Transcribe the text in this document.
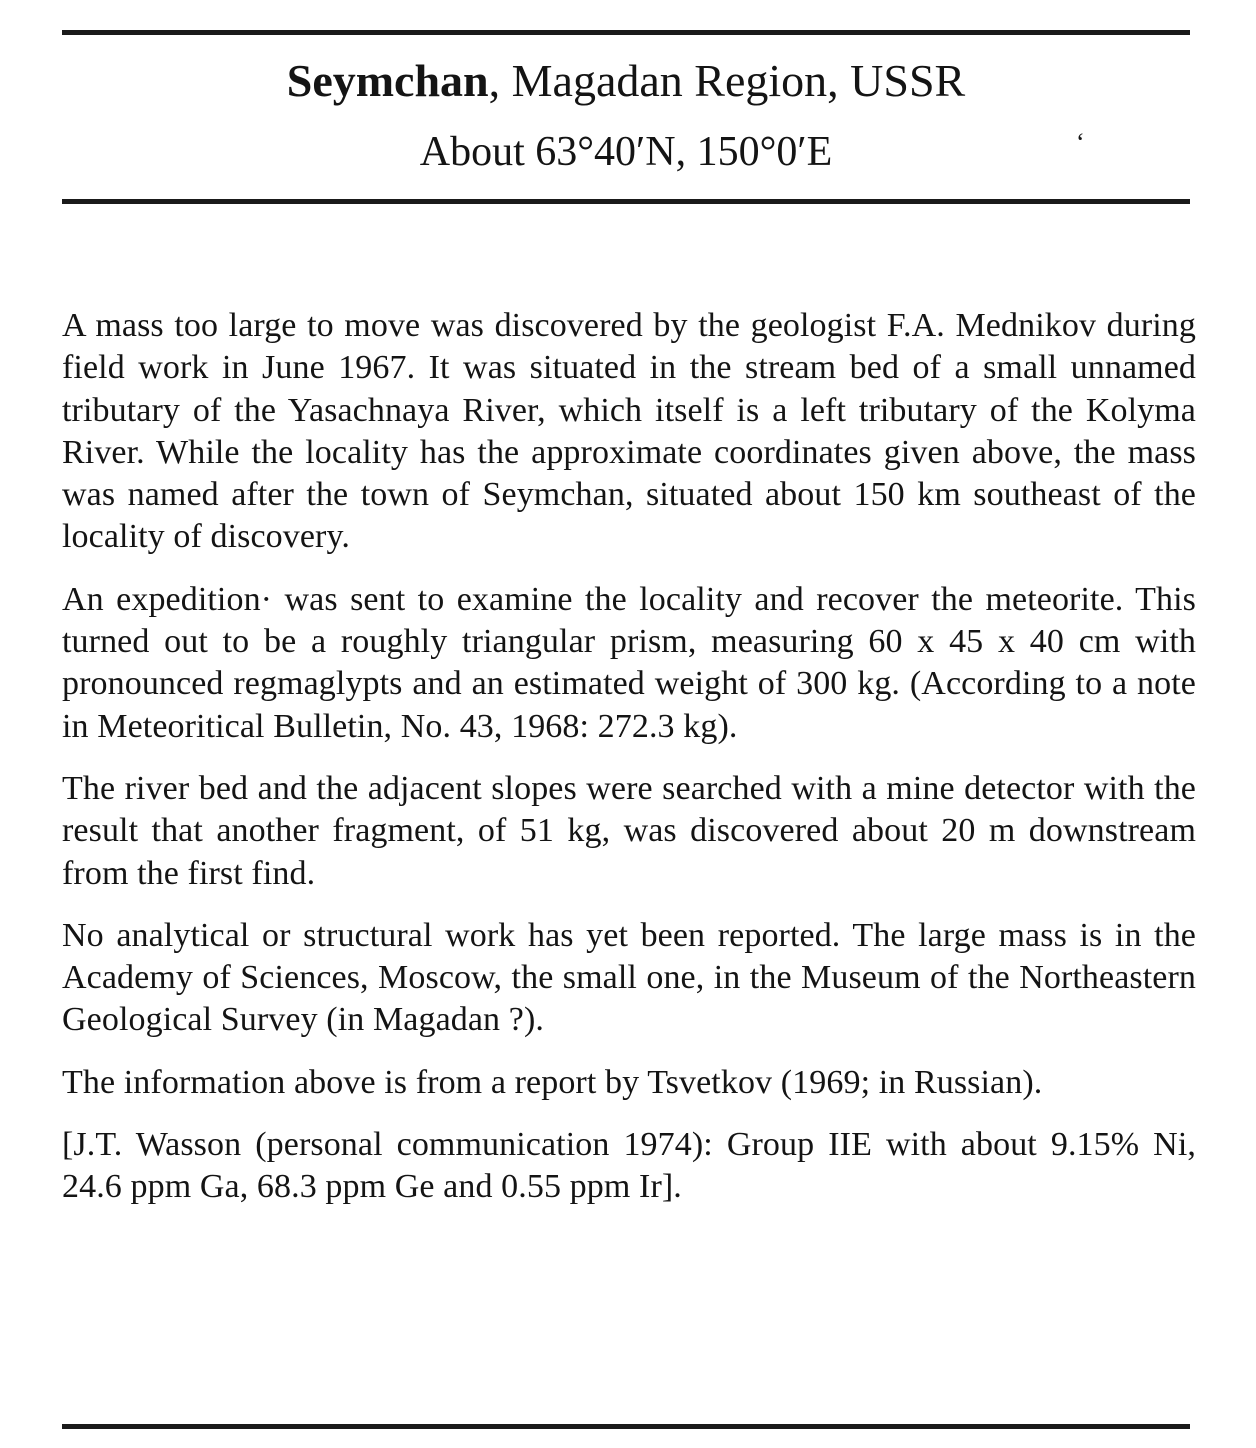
Seymchan, Magadan Region, USSR
About 63°40′N, 150°0′E	‘

A mass too large to move was discovered by the geologist F.A. Mednikov during field work in June 1967. It was situated in the stream bed of a small unnamed tributary of the Yasachnaya River, which itself is a left tributary of the Kolyma River. While the locality has the approximate coordinates given above, the mass was named after the town of Seymchan, situated about 150 km southeast of the locality of discovery.

An expedition· was sent to examine the locality and recover the meteorite. This turned out to be a roughly triangular prism, measuring 60 x 45 x 40 cm with pronounced regmaglypts and an estimated weight of 300 kg. (According to a note in Meteoritical Bulletin, No. 43, 1968: 272.3 kg).

The river bed and the adjacent slopes were searched with a mine detector with the result that another fragment, of 51 kg, was discovered about 20 m downstream from the first find.

No analytical or structural work has yet been reported. The large mass is in the Academy of Sciences, Moscow, the small one, in the Museum of the Northeastern Geological Survey (in Magadan ?).

The information above is from a report by Tsvetkov (1969; in Russian).

[J.T. Wasson (personal communication 1974): Group IIE with about 9.15% Ni, 24.6 ppm Ga, 68.3 ppm Ge and 0.55 ppm Ir].
